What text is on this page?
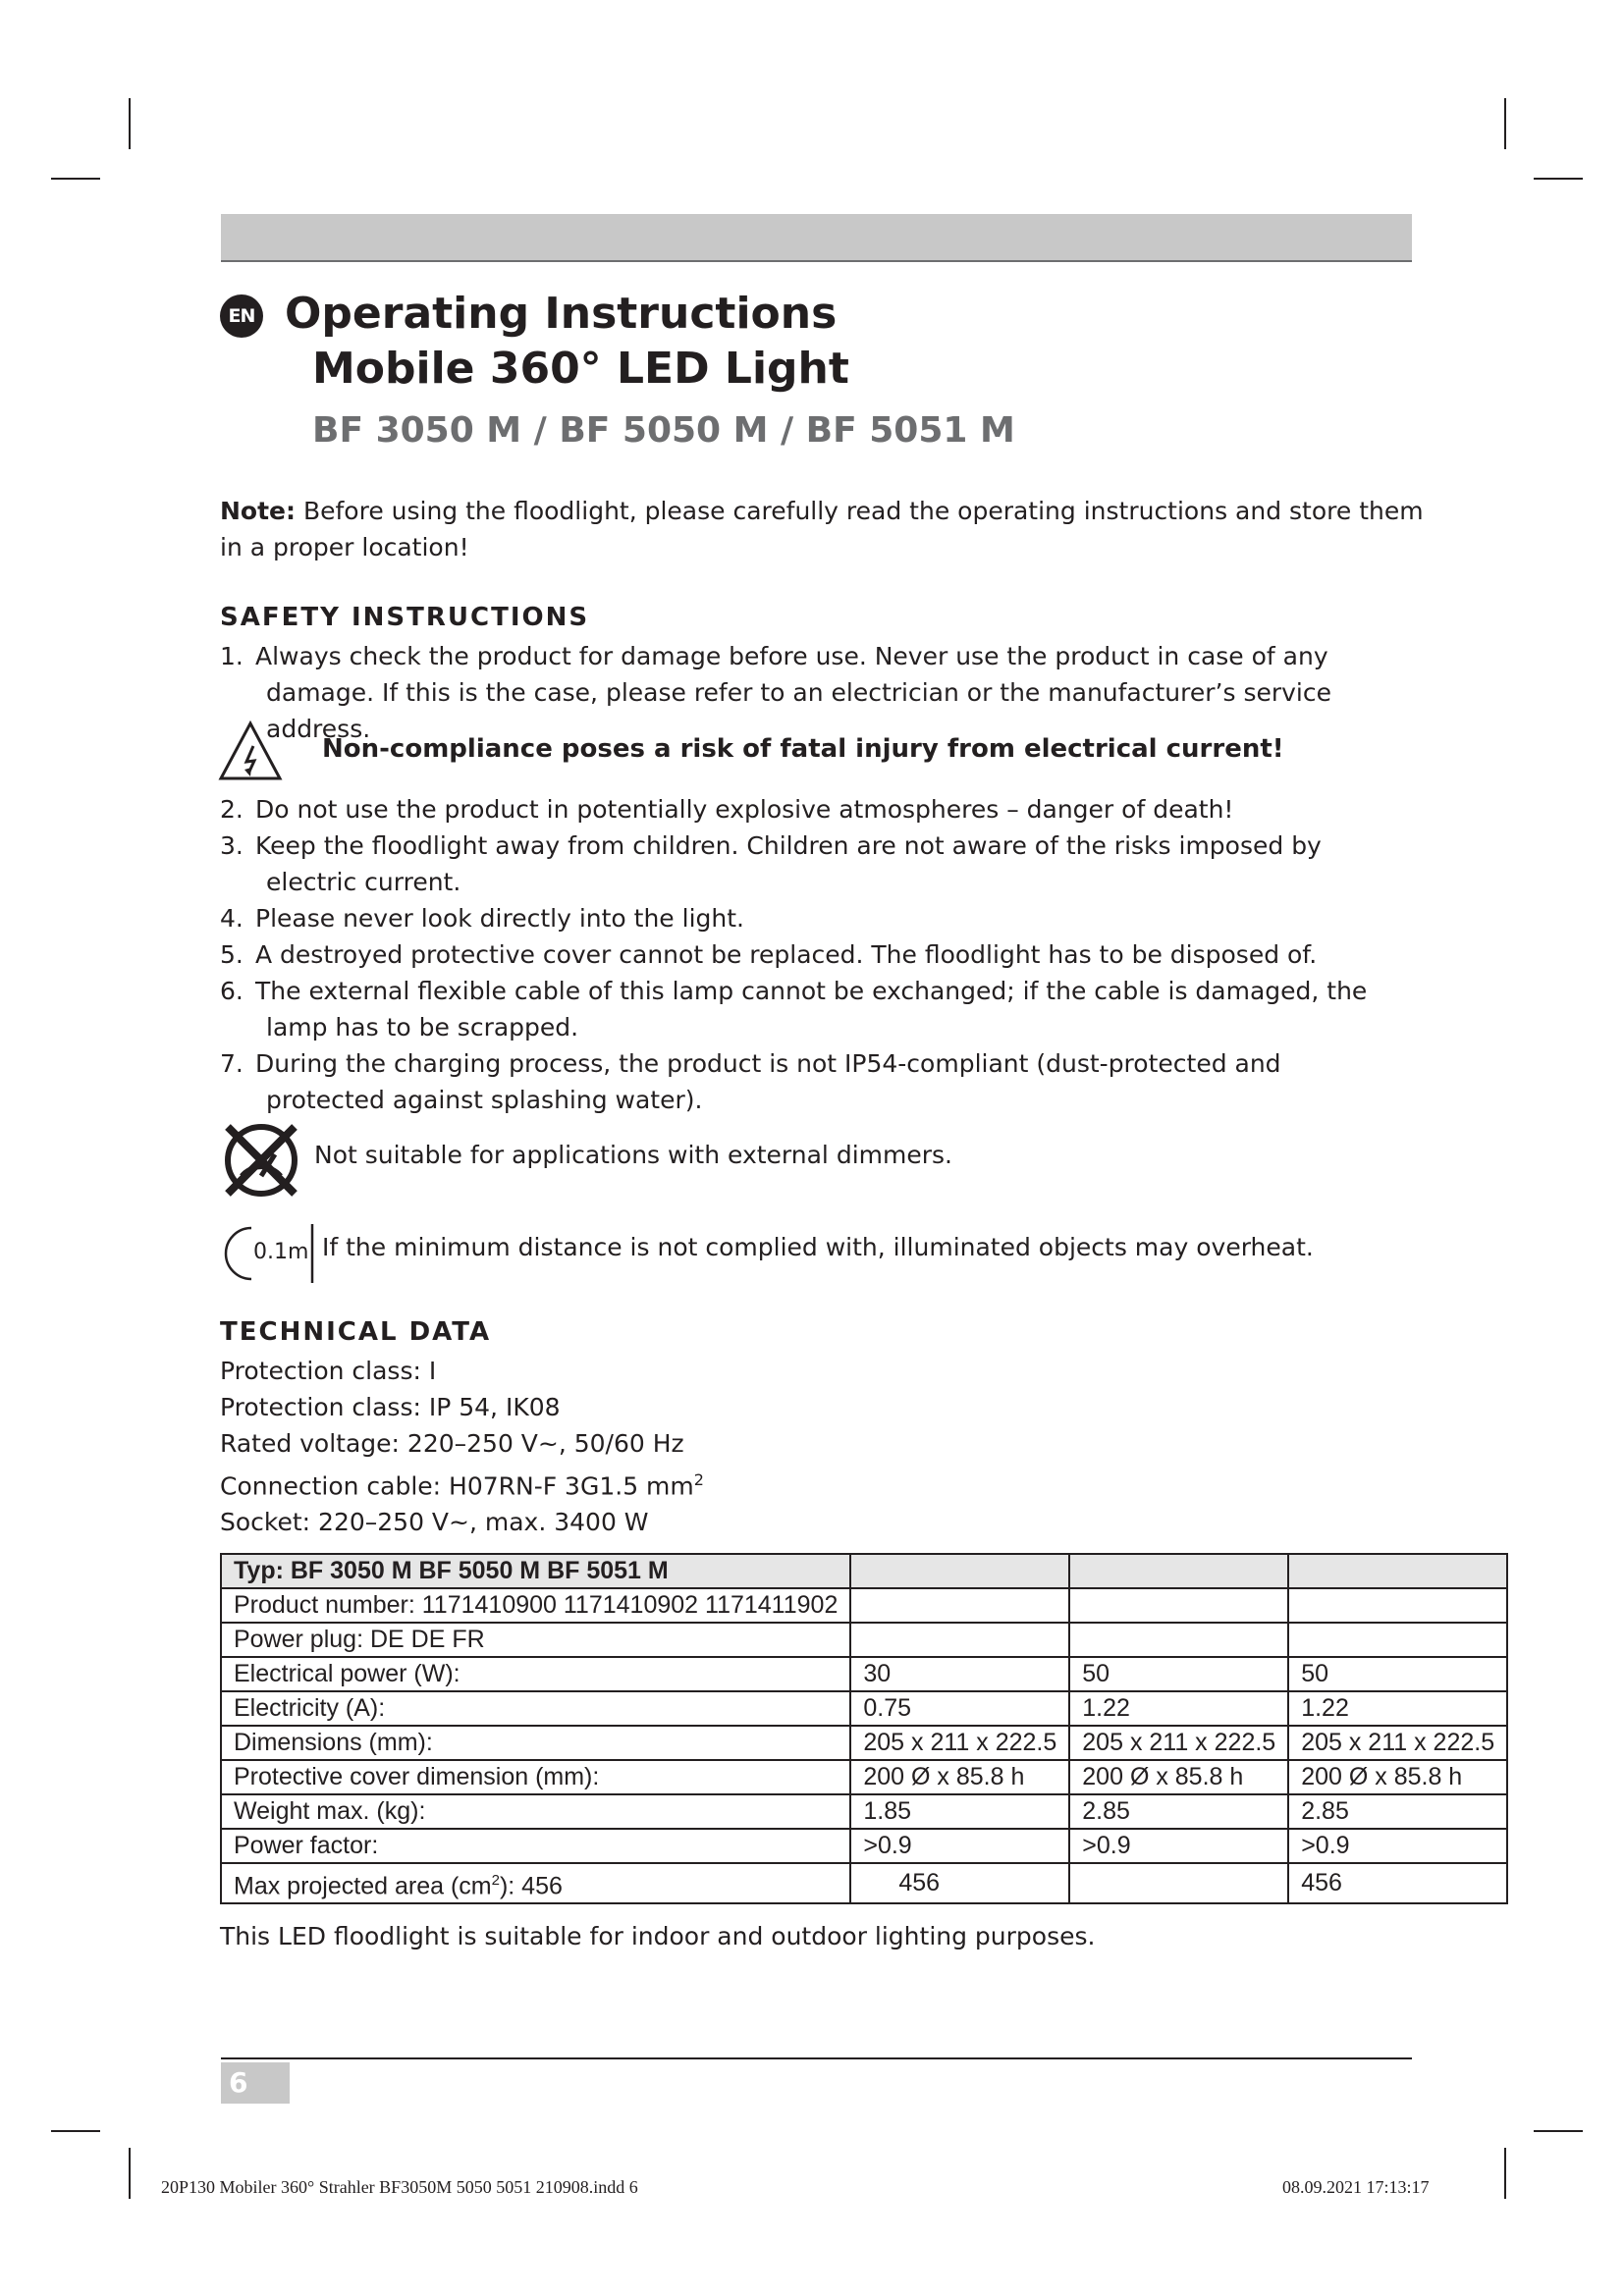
EN Operating Instructions
Mobile 360° LED Light
BF 3050 M / BF 5050 M / BF 5051 M
Note: Before using the floodlight, please carefully read the operating instructions and store them
in a proper location!
SAFETY INSTRUCTIONS
1. Always check the product for damage before use. Never use the product in case of any
damage. If this is the case, please refer to an electrician or the manufacturer’s service address.
Non-compliance poses a risk of fatal injury from electrical current!
2. Do not use the product in potentially explosive atmospheres – danger of death!
3. Keep the floodlight away from children. Children are not aware of the risks imposed by
electric current.
4. Please never look directly into the light.
5. A destroyed protective cover cannot be replaced. The floodlight has to be disposed of.
6. The external flexible cable of this lamp cannot be exchanged; if the cable is damaged, the
lamp has to be scrapped.
7. During the charging process, the product is not IP54-compliant (dust-protected and
protected against splashing water).
Not suitable for applications with external dimmers.
0.1m If the minimum distance is not complied with, illuminated objects may overheat.
TECHNICAL DATA
Protection class: I
Protection class: IP 54, IK08
Rated voltage: 220–250 V~, 50/60 Hz
Connection cable: H07RN-F 3G1.5 $mm^2$
Socket: 220–250 V~, max. 3400 W
Typ: BF 3050 M BF 5050 M BF 5051 M			
Product number: 1171410900 1171410902 1171411902			
Power plug: DE DE FR			
Electrical power (W):	30	50	50
Electricity (A):	0.75	1.22	1.22
Dimensions (mm):	205 x 211 x 222.5	205 x 211 x 222.5	205 x 211 x 222.5
Protective cover dimension (mm):	200 Ø x 85.8 h	200 Ø x 85.8 h	200 Ø x 85.8 h
Weight max. (kg):	1.85	2.85	2.85
Power factor:	>0.9	>0.9	>0.9
Max projected area $(cm^2)$: 456	456		456
This LED floodlight is suitable for indoor and outdoor lighting purposes.
6
20P130 Mobiler 360° Strahler BF3050M 5050 5051 210908.indd 6	08.09.2021 17:13:17
